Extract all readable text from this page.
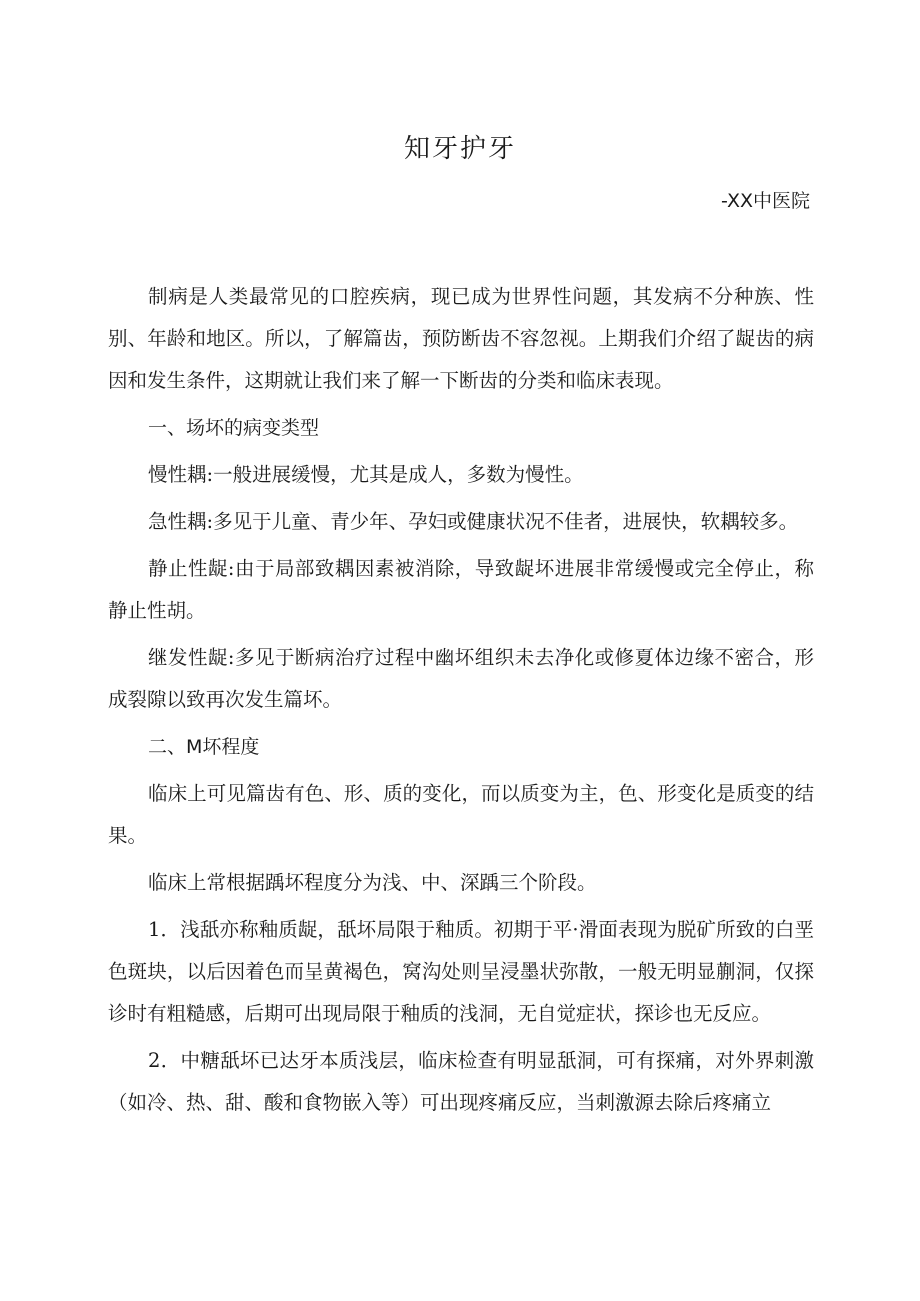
知牙护牙
-XX中医院

制病是人类最常见的口腔疾病，现已成为世界性问题，其发病不分种族、性别、年龄和地区。所以，了解篇齿，预防断齿不容忽视。上期我们介绍了龊齿的病因和发生条件，这期就让我们来了解一下断齿的分类和临床表现。

一、场坏的病变类型

慢性耦:一般进展缓慢，尤其是成人，多数为慢性。

急性耦:多见于儿童、青少年、孕妇或健康状况不佳者，进展快，软耦较多。

静止性龊:由于局部致耦因素被消除，导致龊坏进展非常缓慢或完全停止，称静止性胡。

继发性龊:多见于断病治疗过程中幽坏组织未去净化或修夏体边缘不密合，形成裂隙以致再次发生篇坏。

二、M坏程度

临床上可见篇齿有色、形、质的变化，而以质变为主，色、形变化是质变的结果。

临床上常根据踽坏程度分为浅、中、深踽三个阶段。

1．浅舐亦称釉质龊，舐坏局限于釉质。初期于平·滑面表现为脱矿所致的白垩色斑块，以后因着色而呈黄褐色，窝沟处则呈浸墨状弥散，一般无明显蒯洞，仅探诊时有粗糙感，后期可出现局限于釉质的浅洞，无自觉症状，探诊也无反应。

2．中糖舐坏已达牙本质浅层，临床检查有明显舐洞，可有探痛，对外界刺激（如冷、热、甜、酸和食物嵌入等）可出现疼痛反应，当刺激源去除后疼痛立
